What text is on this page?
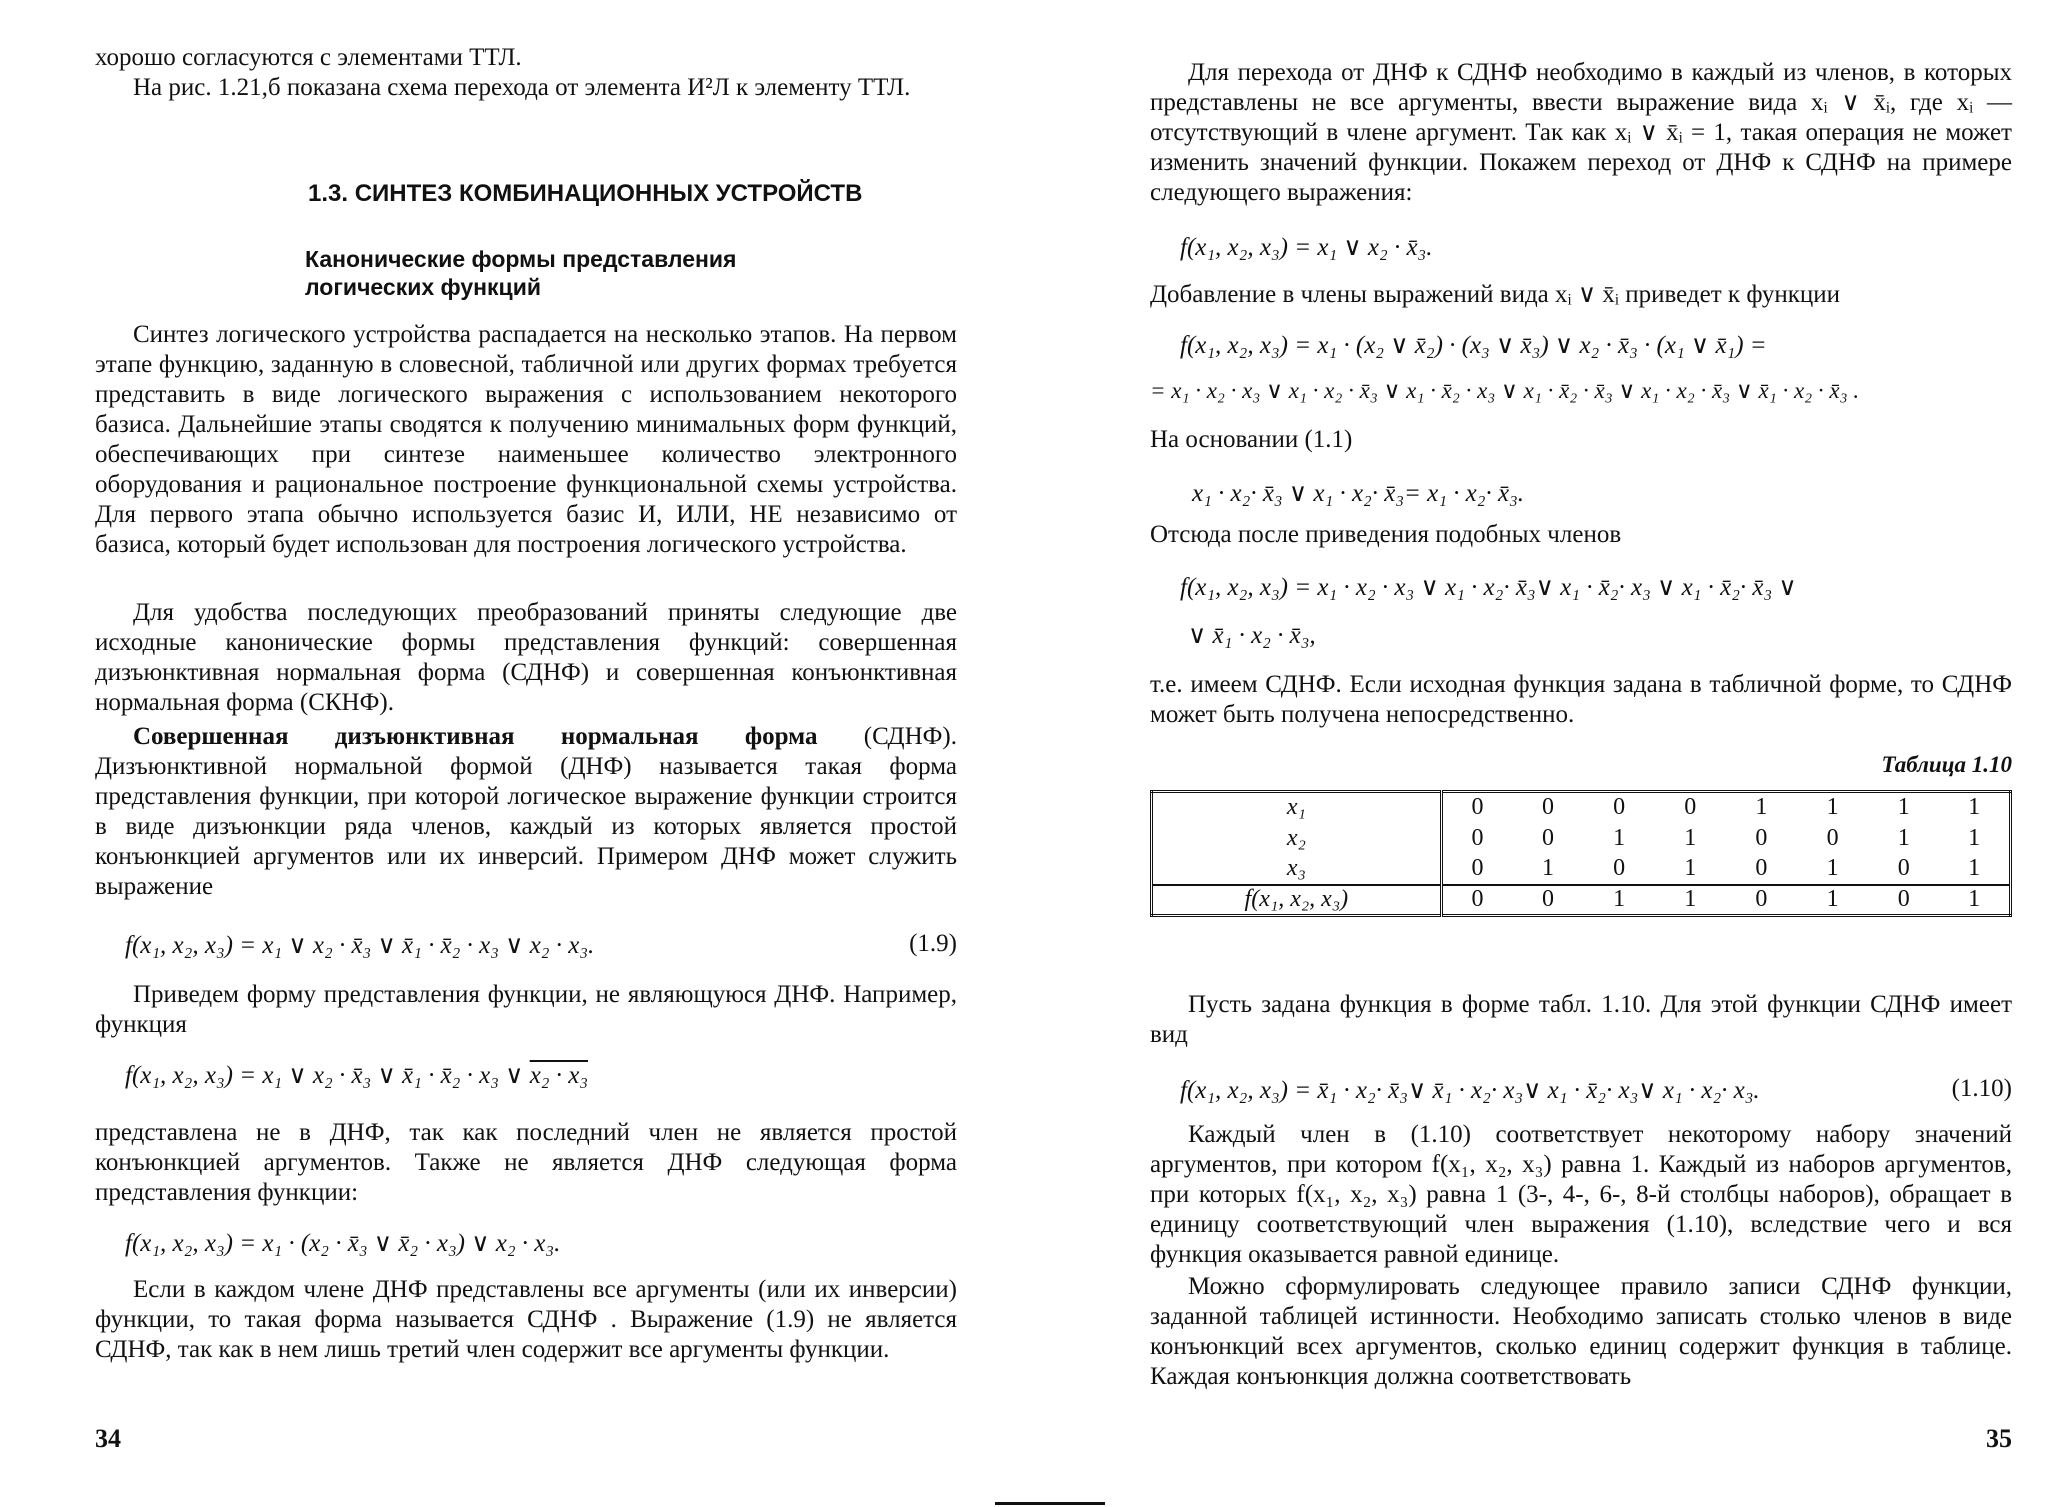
хорошо согласуются с элементами ТТЛ.
На рис. 1.21,б показана схема перехода от элемента И²Л к элементу ТТЛ.
1.3. СИНТЕЗ КОМБИНАЦИОННЫХ УСТРОЙСТВ
Канонические формы представления логических функций
Синтез логического устройства распадается на несколько этапов. На первом этапе функцию, заданную в словесной, табличной или других формах требуется представить в виде логического выражения с использованием некоторого базиса. Дальнейшие этапы сводятся к получению минимальных форм функций, обеспечивающих при синтезе наименьшее количество электронного оборудования и рациональное построение функциональной схемы устройства. Для первого этапа обычно используется базис И, ИЛИ, НЕ независимо от базиса, который будет использован для построения логического устройства.
Для удобства последующих преобразований приняты следующие две исходные канонические формы представления функций: совершенная дизъюнктивная нормальная форма (СДНФ) и совершенная конъюнктивная нормальная форма (СКНФ).
Совершенная дизъюнктивная нормальная форма (СДНФ). Дизъюнктивной нормальной формой (ДНФ) называется такая форма представления функции, при которой логическое выражение функции строится в виде дизъюнкции ряда членов, каждый из которых является простой конъюнкцией аргументов или их инверсий. Примером ДНФ может служить выражение
f(x₁, x₂, x₃) = x₁ ∨ x₂ · x̄₃ ∨ x̄₁ · x̄₂ · x₃ ∨ x₂ · x₃.	(1.9)
Приведем форму представления функции, не являющуюся ДНФ. Например, функция
f(x₁, x₂, x₃) = x₁ ∨ x₂ · x̄₃ ∨ x̄₁ · x̄₂ · x₃ ∨ x₂ · x₃
представлена не в ДНФ, так как последний член не является простой конъюнкцией аргументов. Также не является ДНФ следующая форма представления функции:
f(x₁, x₂, x₃) = x₁ · (x₂ · x̄₃ ∨ x̄₂ · x₃) ∨ x₂ · x₃.
Если в каждом члене ДНФ представлены все аргументы (или их инверсии) функции, то такая форма называется СДНФ . Выражение (1.9) не является СДНФ, так как в нем лишь третий член содержит все аргументы функции.
34
Для перехода от ДНФ к СДНФ необходимо в каждый из членов, в которых представлены не все аргументы, ввести выражение вида xᵢ ∨ x̄ᵢ, где xᵢ — отсутствующий в члене аргумент. Так как xᵢ ∨ x̄ᵢ = 1, такая операция не может изменить значений функции. Покажем переход от ДНФ к СДНФ на примере следующего выражения:
f(x₁, x₂, x₃) = x₁ ∨ x₂ · x̄₃.
Добавление в члены выражений вида xᵢ ∨ x̄ᵢ приведет к функции
f(x₁, x₂, x₃) = x₁ · (x₂ ∨ x̄₂) · (x₃ ∨ x̄₃) ∨ x₂ · x̄₃ · (x₁ ∨ x̄₁) =
= x₁ · x₂ · x₃ ∨ x₁ · x₂ · x̄₃ ∨ x₁ · x̄₂ · x₃ ∨ x₁ · x̄₂ · x̄₃ ∨ x₁ · x₂ · x̄₃ ∨ x̄₁ · x₂ · x̄₃ .
На основании (1.1)
x₁ · x₂· x̄₃ ∨ x₁ · x₂· x̄₃= x₁ · x₂· x̄₃.
Отсюда после приведения подобных членов
f(x₁, x₂, x₃) = x₁ · x₂ · x₃ ∨ x₁ · x₂· x̄₃∨ x₁ · x̄₂· x₃ ∨ x₁ · x̄₂· x̄₃ ∨
∨ x̄₁ · x₂ · x̄₃,
т.е. имеем СДНФ. Если исходная функция задана в табличной форме, то СДНФ может быть получена непосредственно.
Таблица 1.10
x₁	0	0	0	0	1	1	1	1
x₂	0	0	1	1	0	0	1	1
x₃	0	1	0	1	0	1	0	1
f(x₁, x₂, x₃)	0	0	1	1	0	1	0	1
Пусть задана функция в форме табл. 1.10. Для этой функции СДНФ имеет вид
f(x₁, x₂, x₃) = x̄₁ · x₂· x̄₃∨ x̄₁ · x₂· x₃∨ x₁ · x̄₂· x₃∨ x₁ · x₂· x₃.	(1.10)
Каждый член в (1.10) соответствует некоторому набору значений аргументов, при котором f(x₁, x₂, x₃) равна 1. Каждый из наборов аргументов, при которых f(x₁, x₂, x₃) равна 1 (3-, 4-, 6-, 8-й столбцы наборов), обращает в единицу соответствующий член выражения (1.10), вследствие чего и вся функция оказывается равной единице.
Можно сформулировать следующее правило записи СДНФ функции, заданной таблицей истинности. Необходимо записать столько членов в виде конъюнкций всех аргументов, сколько единиц содержит функция в таблице. Каждая конъюнкция должна соответствовать
35
